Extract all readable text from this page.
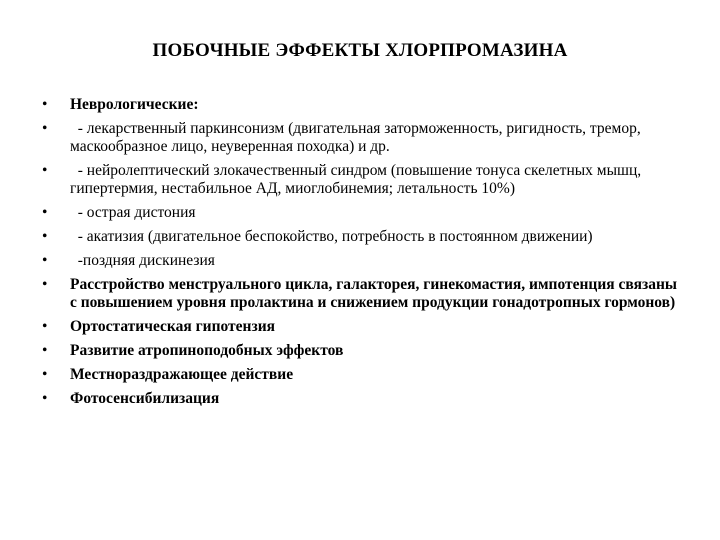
ПОБОЧНЫЕ ЭФФЕКТЫ ХЛОРПРОМАЗИНА
• Неврологические:
• - лекарственный паркинсонизм (двигательная заторможенность, ригидность, тремор, маскообразное лицо, неуверенная походка) и др.
• - нейролептический злокачественный синдром (повышение тонуса скелетных мышц, гипертермия, нестабильное АД, миоглобинемия; летальность 10%)
• - острая дистония
• - акатизия (двигательное беспокойство, потребность в постоянном движении)
• -поздняя дискинезия
• Расстройство менструального цикла, галакторея, гинекомастия, импотенция связаны с повышением уровня пролактина и снижением продукции гонадотропных гормонов)
• Ортостатическая гипотензия
• Развитие атропиноподобных эффектов
• Местнораздражающее действие
• Фотосенсибилизация
